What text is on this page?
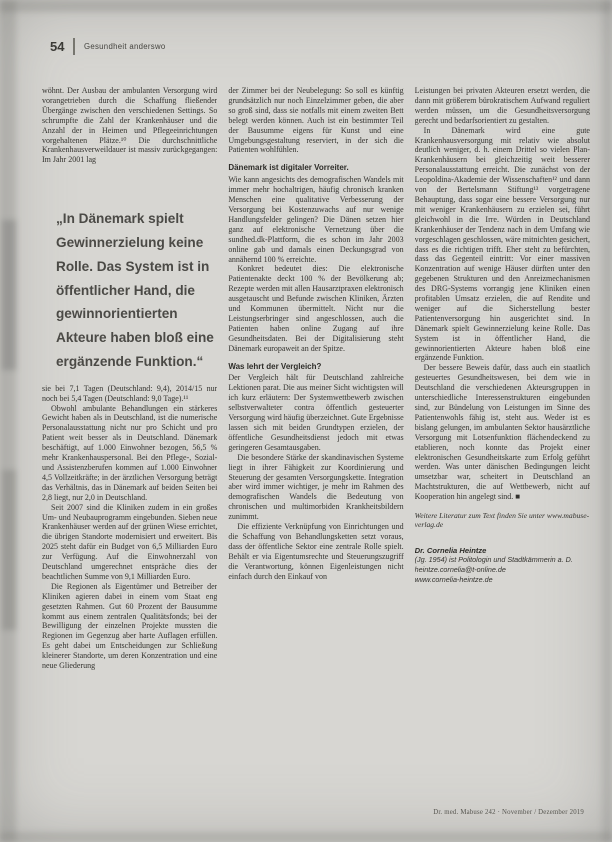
54	Gesundheit anderswo
wöhnt. Der Ausbau der ambulanten Versorgung wird vorangetrieben durch die Schaffung fließender Übergänge zwischen den verschiedenen Settings. So schrumpfte die Zahl der Krankenhäuser und die Anzahl der in Heimen und Pflegeeinrichtungen vorgehaltenen Plätze.¹⁰ Die durchschnittliche Krankenhausverweildauer ist massiv zurückgegangen: Im Jahr 2001 lag
„In Dänemark spielt Gewinnerzielung keine Rolle. Das System ist in öffentlicher Hand, die gewinnorientierten Akteure haben bloß eine ergänzende Funktion.“
sie bei 7,1 Tagen (Deutschland: 9,4), 2014/15 nur noch bei 5,4 Tagen (Deutschland: 9,0 Tage).¹¹
Obwohl ambulante Behandlungen ein stärkeres Gewicht haben als in Deutschland, ist die numerische Personalausstattung nicht nur pro Schicht und pro Patient weit besser als in Deutschland. Dänemark beschäftigt, auf 1.000 Einwohner bezogen, 56,5 % mehr Krankenhauspersonal. Bei den Pflege-, Sozial- und Assistenzberufen kommen auf 1.000 Einwohner 4,5 Vollzeitkräfte; in der ärztlichen Versorgung beträgt das Verhältnis, das in Dänemark auf beiden Seiten bei 2,8 liegt, nur 2,0 in Deutschland.
Seit 2007 sind die Kliniken zudem in ein großes Um- und Neubauprogramm eingebunden. Sieben neue Krankenhäuser werden auf der grünen Wiese errichtet, die übrigen Standorte modernisiert und erweitert. Bis 2025 steht dafür ein Budget von 6,5 Milliarden Euro zur Verfügung. Auf die Einwohnerzahl von Deutschland umgerechnet entspräche dies der beachtlichen Summe von 9,1 Milliarden Euro.
Die Regionen als Eigentümer und Betreiber der Kliniken agieren dabei in einem vom Staat eng gesetzten Rahmen. Gut 60 Prozent der Bausumme kommt aus einem zentralen Qualitätsfonds; bei der Bewilligung der einzelnen Projekte mussten die Regionen im Gegenzug aber harte Auflagen erfüllen. Es geht dabei um Entscheidungen zur Schließung kleinerer Standorte, um deren Konzentration und eine neue Gliederung
der Zimmer bei der Neubelegung: So soll es künftig grundsätzlich nur noch Einzelzimmer geben, die aber so groß sind, dass sie notfalls mit einem zweiten Bett belegt werden können. Auch ist ein bestimmter Teil der Bausumme eigens für Kunst und eine Umgebungsgestaltung reserviert, in der sich die Patienten wohlfühlen.
Dänemark ist digitaler Vorreiter.
Wie kann angesichts des demografischen Wandels mit immer mehr hochaltrigen, häufig chronisch kranken Menschen eine qualitative Verbesserung der Versorgung bei Kostenzuwachs auf nur wenige Handlungsfelder gelingen? Die Dänen setzen hier ganz auf elektronische Vernetzung über die sundhed.dk-Plattform, die es schon im Jahr 2003 online gab und damals einen Deckungsgrad von annähernd 100 % erreichte.
Konkret bedeutet dies: Die elektronische Patientenakte deckt 100 % der Bevölkerung ab; Rezepte werden mit allen Hausarztpraxen elektronisch ausgetauscht und Befunde zwischen Kliniken, Ärzten und Kommunen übermittelt. Nicht nur die Leistungserbringer sind angeschlossen, auch die Patienten haben online Zugang auf ihre Gesundheitsdaten. Bei der Digitalisierung steht Dänemark europaweit an der Spitze.
Was lehrt der Vergleich?
Der Vergleich hält für Deutschland zahlreiche Lektionen parat. Die aus meiner Sicht wichtigsten will ich kurz erläutern: Der Systemwettbewerb zwischen selbstverwalteter contra öffentlich gesteuerter Versorgung wird häufig überzeichnet. Gute Ergebnisse lassen sich mit beiden Grundtypen erzielen, der öffentliche Gesundheitsdienst jedoch mit etwas geringeren Gesamtausgaben.
Die besondere Stärke der skandinavischen Systeme liegt in ihrer Fähigkeit zur Koordinierung und Steuerung der gesamten Versorgungskette. Integration aber wird immer wichtiger, je mehr im Rahmen des demografischen Wandels die Bedeutung von chronischen und multimorbiden Krankheitsbildern zunimmt.
Die effiziente Verknüpfung von Einrichtungen und die Schaffung von Behandlungsketten setzt voraus, dass der öffentliche Sektor eine zentrale Rolle spielt. Behält er via Eigentumsrechte und Steuerungszugriff die Verantwortung, können Eigenleistungen nicht einfach durch den Einkauf von
Leistungen bei privaten Akteuren ersetzt werden, die dann mit größerem bürokratischem Aufwand reguliert werden müssen, um die Gesundheitsversorgung gerecht und bedarfsorientiert zu gestalten.
In Dänemark wird eine gute Krankenhausversorgung mit relativ wie absolut deutlich weniger, d. h. einem Drittel so vielen Plan-Krankenhäusern bei gleichzeitig weit besserer Personalausstattung erreicht. Die zunächst von der Leopoldina-Akademie der Wissenschaften¹² und dann von der Bertelsmann Stiftung¹³ vorgetragene Behauptung, dass sogar eine bessere Versorgung nur mit weniger Krankenhäusern zu erzielen sei, führt gleichwohl in die Irre. Würden in Deutschland Krankenhäuser der Tendenz nach in dem Umfang wie vorgeschlagen geschlossen, wäre mitnichten gesichert, dass es die richtigen trifft. Eher steht zu befürchten, dass das Gegenteil eintritt: Vor einer massiven Konzentration auf wenige Häuser dürften unter den gegebenen Strukturen und den Anreizmechanismen des DRG-Systems vorrangig jene Kliniken einen profitablen Umsatz erzielen, die auf Rendite und weniger auf die Sicherstellung bester Patientenversorgung hin ausgerichtet sind. In Dänemark spielt Gewinnerzielung keine Rolle. Das System ist in öffentlicher Hand, die gewinnorientierten Akteure haben bloß eine ergänzende Funktion.
Der bessere Beweis dafür, dass auch ein staatlich gesteuertes Gesundheitswesen, bei dem wie in Deutschland die verschiedenen Akteursgruppen in unterschiedliche Interessenstrukturen eingebunden sind, zur Bündelung von Leistungen im Sinne des Patientenwohls fähig ist, steht aus. Weder ist es bislang gelungen, im ambulanten Sektor hausärztliche Versorgung mit Lotsenfunktion flächendeckend zu etablieren, noch konnte das Projekt einer elektronischen Gesundheitskarte zum Erfolg geführt werden. Was unter dänischen Bedingungen leicht umsetzbar war, scheitert in Deutschland an Machtstrukturen, die auf Wettbewerb, nicht auf Kooperation hin angelegt sind. ■
Weitere Literatur zum Text finden Sie unter www.mabuse-verlag.de
Dr. Cornelia Heintze
(Jg. 1954) ist Politologin und Stadtkämmerin a. D.
heintze.cornelia@t-online.de
www.cornelia-heintze.de
Dr. med. Mabuse 242 · November / Dezember 2019
